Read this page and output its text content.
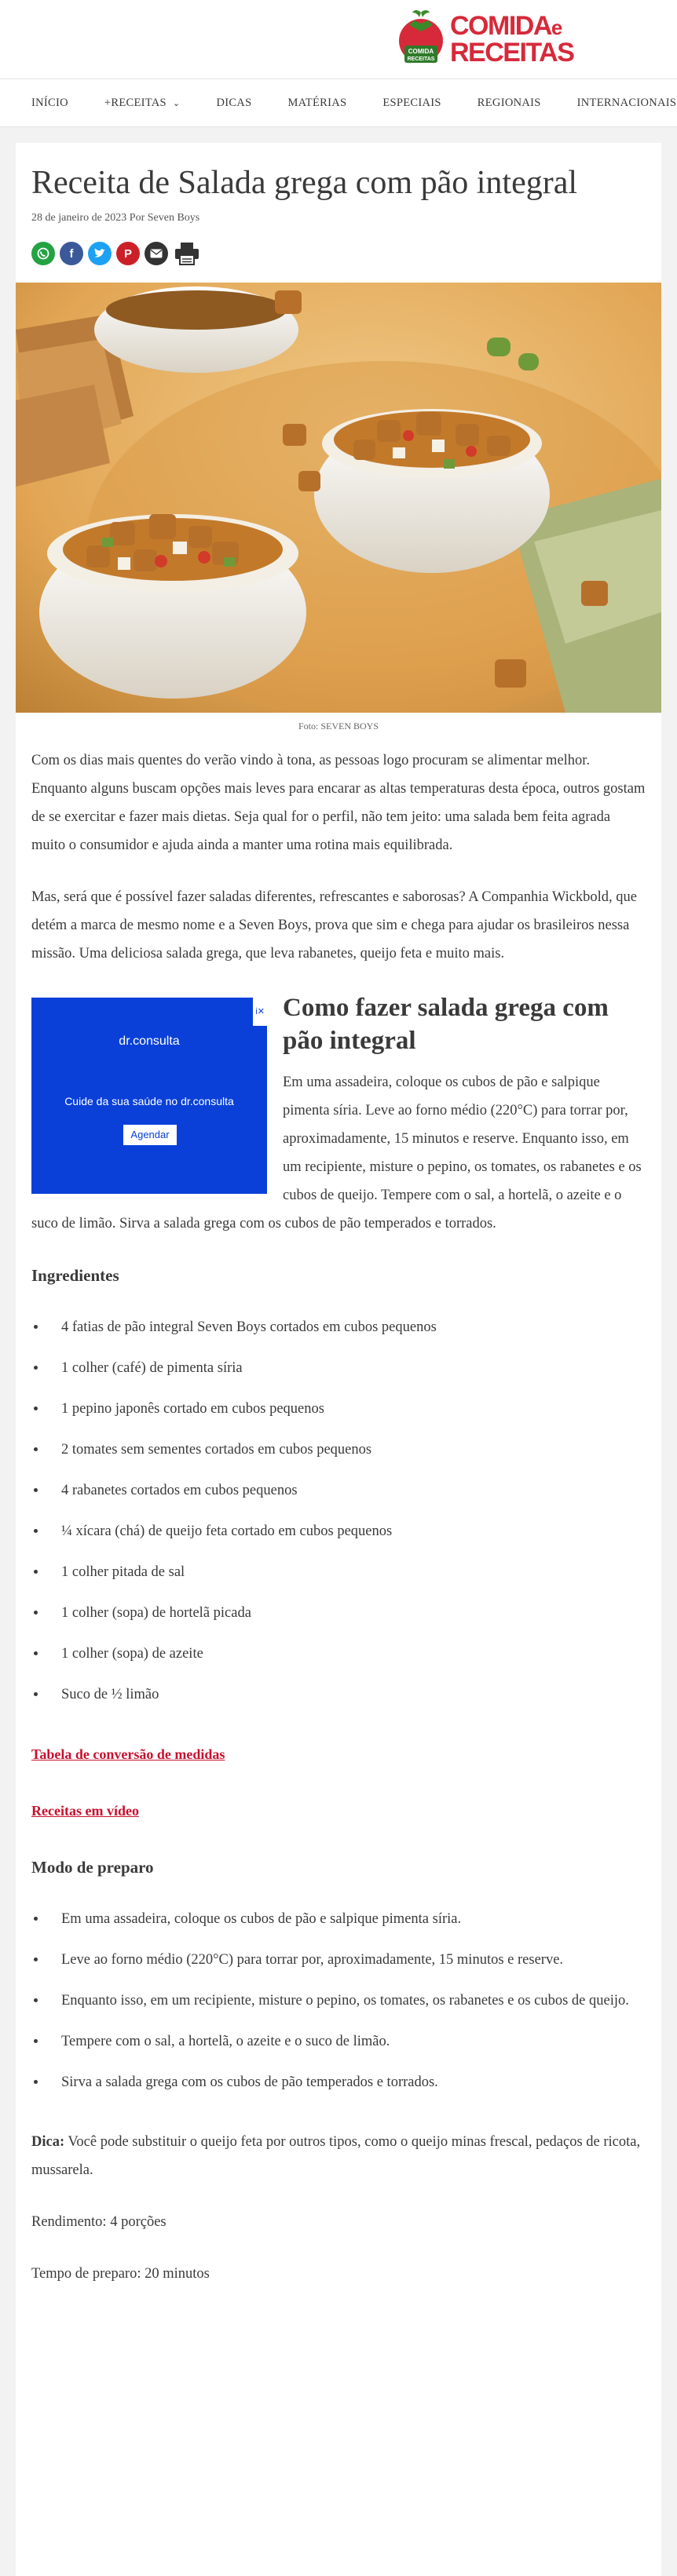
COMIDA
RECEITAS
COMIDAe
RECEITAS
INÍCIO	+RECEITAS ⌄	DICAS	MATÉRIAS	ESPECIAIS	REGIONAIS	INTERNACIONAIS
Receita de Salada grega com pão integral
28 de janeiro de 2023 Por Seven Boys
f	P
Foto: SEVEN BOYS

Com os dias mais quentes do verão vindo à tona, as pessoas logo procuram se alimentar melhor. Enquanto alguns buscam opções mais leves para encarar as altas temperaturas desta época, outros gostam de se exercitar e fazer mais dietas. Seja qual for o perfil, não tem jeito: uma salada bem feita agrada muito o consumidor e ajuda ainda a manter uma rotina mais equilibrada.

Mas, será que é possível fazer saladas diferentes, refrescantes e saborosas? A Companhia Wickbold, que detém a marca de mesmo nome e a Seven Boys, prova que sim e chega para ajudar os brasileiros nessa missão. Uma deliciosa salada grega, que leva rabanetes, queijo feta e muito mais.

i✕
dr.consulta
Cuide da sua saúde no dr.consulta
Agendar
Como fazer salada grega com pão integral

Em uma assadeira, coloque os cubos de pão e salpique pimenta síria. Leve ao forno médio (220°C) para torrar por, aproximadamente, 15 minutos e reserve. Enquanto isso, em um recipiente, misture o pepino, os tomates, os rabanetes e os cubos de queijo. Tempere com o sal, a hortelã, o azeite e o suco de limão. Sirva a salada grega com os cubos de pão temperados e torrados.

Ingredientes
• 4 fatias de pão integral Seven Boys cortados em cubos pequenos
• 1 colher (café) de pimenta síria
• 1 pepino japonês cortado em cubos pequenos
• 2 tomates sem sementes cortados em cubos pequenos
• 4 rabanetes cortados em cubos pequenos
• ¼ xícara (chá) de queijo feta cortado em cubos pequenos
• 1 colher pitada de sal
• 1 colher (sopa) de hortelã picada
• 1 colher (sopa) de azeite
• Suco de ½ limão
Tabela de conversão de medidas
Receitas em vídeo
Modo de preparo
• Em uma assadeira, coloque os cubos de pão e salpique pimenta síria.
• Leve ao forno médio (220°C) para torrar por, aproximadamente, 15 minutos e reserve.
• Enquanto isso, em um recipiente, misture o pepino, os tomates, os rabanetes e os cubos de queijo.
• Tempere com o sal, a hortelã, o azeite e o suco de limão.
• Sirva a salada grega com os cubos de pão temperados e torrados.

Dica: Você pode substituir o queijo feta por outros tipos, como o queijo minas frescal, pedaços de ricota, mussarela.

Rendimento: 4 porções

Tempo de preparo: 20 minutos
